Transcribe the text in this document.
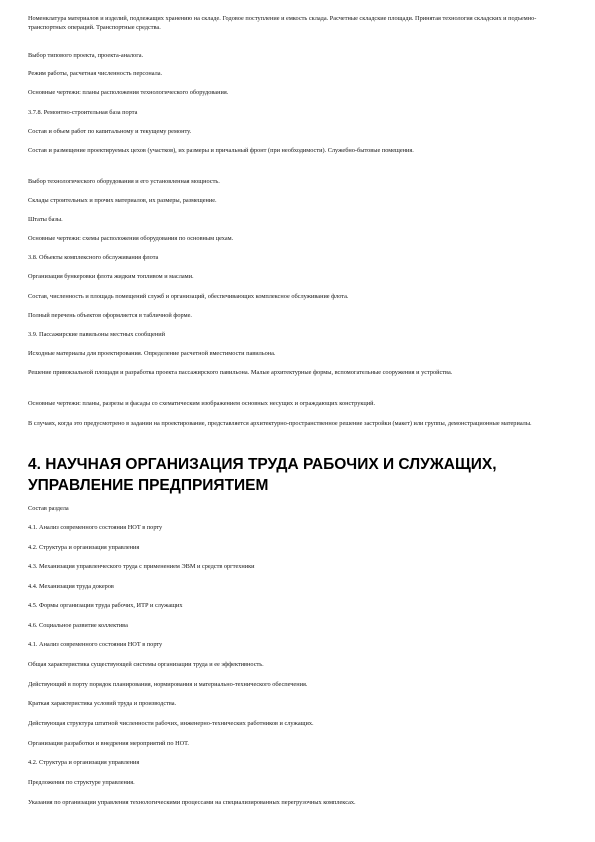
Номенклатура материалов и изделий, подлежащих хранению на складе. Годовое поступление и емкость склада. Расчетные складские площади. Принятая технология складских и подъемно-транспортных операций. Транспортные средства.

Выбор типового проекта, проекта-аналога.

Режим работы, расчетная численность персонала.

Основные чертежи: планы расположения технологического оборудования.

3.7.8. Ремонтно-строительная база порта

Состав и объем работ по капитальному и текущему ремонту.

Состав и размещение проектируемых цехов (участков), их размеры и причальный фронт (при необходимости). Служебно-бытовые помещения.

Выбор технологического оборудования и его установленная мощность.

Склады строительных и прочих материалов, их размеры, размещение.

Штаты базы.

Основные чертежи: схемы расположения оборудования по основным цехам.

3.8. Объекты комплексного обслуживания флота

Организация бункеровки флота жидким топливом и маслами.

Состав, численность и площадь помещений служб и организаций, обеспечивающих комплексное обслуживание флота.

Полный перечень объектов оформляется в табличной форме.

3.9. Пассажирские павильоны местных сообщений

Исходные материалы для проектирования. Определение расчетной вместимости павильона.

Решение привокзальной площади и разработка проекта пассажирского павильона. Малые архитектурные формы, вспомогательные сооружения и устройства.

Основные чертежи: планы, разрезы и фасады со схематическим изображением основных несущих и ограждающих конструкций.

В случаях, когда это предусмотрено в задании на проектирование, представляется архитектурно-пространственное решение застройки (макет) или группы, демонстрационные материалы.

4. НАУЧНАЯ ОРГАНИЗАЦИЯ ТРУДА РАБОЧИХ И СЛУЖАЩИХ, УПРАВЛЕНИЕ ПРЕДПРИЯТИЕМ

Состав раздела

4.1. Анализ современного состояния НОТ в порту

4.2. Структура и организация управления

4.3. Механизация управленческого труда с применением ЭВМ и средств оргтехники

4.4. Механизация труда докеров

4.5. Формы организации труда рабочих, ИТР и служащих

4.6. Социальное развитие коллектива

4.1. Анализ современного состояния НОТ в порту

Общая характеристика существующей системы организации труда и ее эффективность.

Действующий в порту порядок планирования, нормирования и материально-технического обеспечения.

Краткая характеристика условий труда и производства.

Действующая структура штатной численности рабочих, инженерно-технических работников и служащих.

Организация разработки и внедрения мероприятий по НОТ.

4.2. Структура и организация управления

Предложения по структуре управления.

Указания по организации управления технологическими процессами на специализированных перегрузочных комплексах.
